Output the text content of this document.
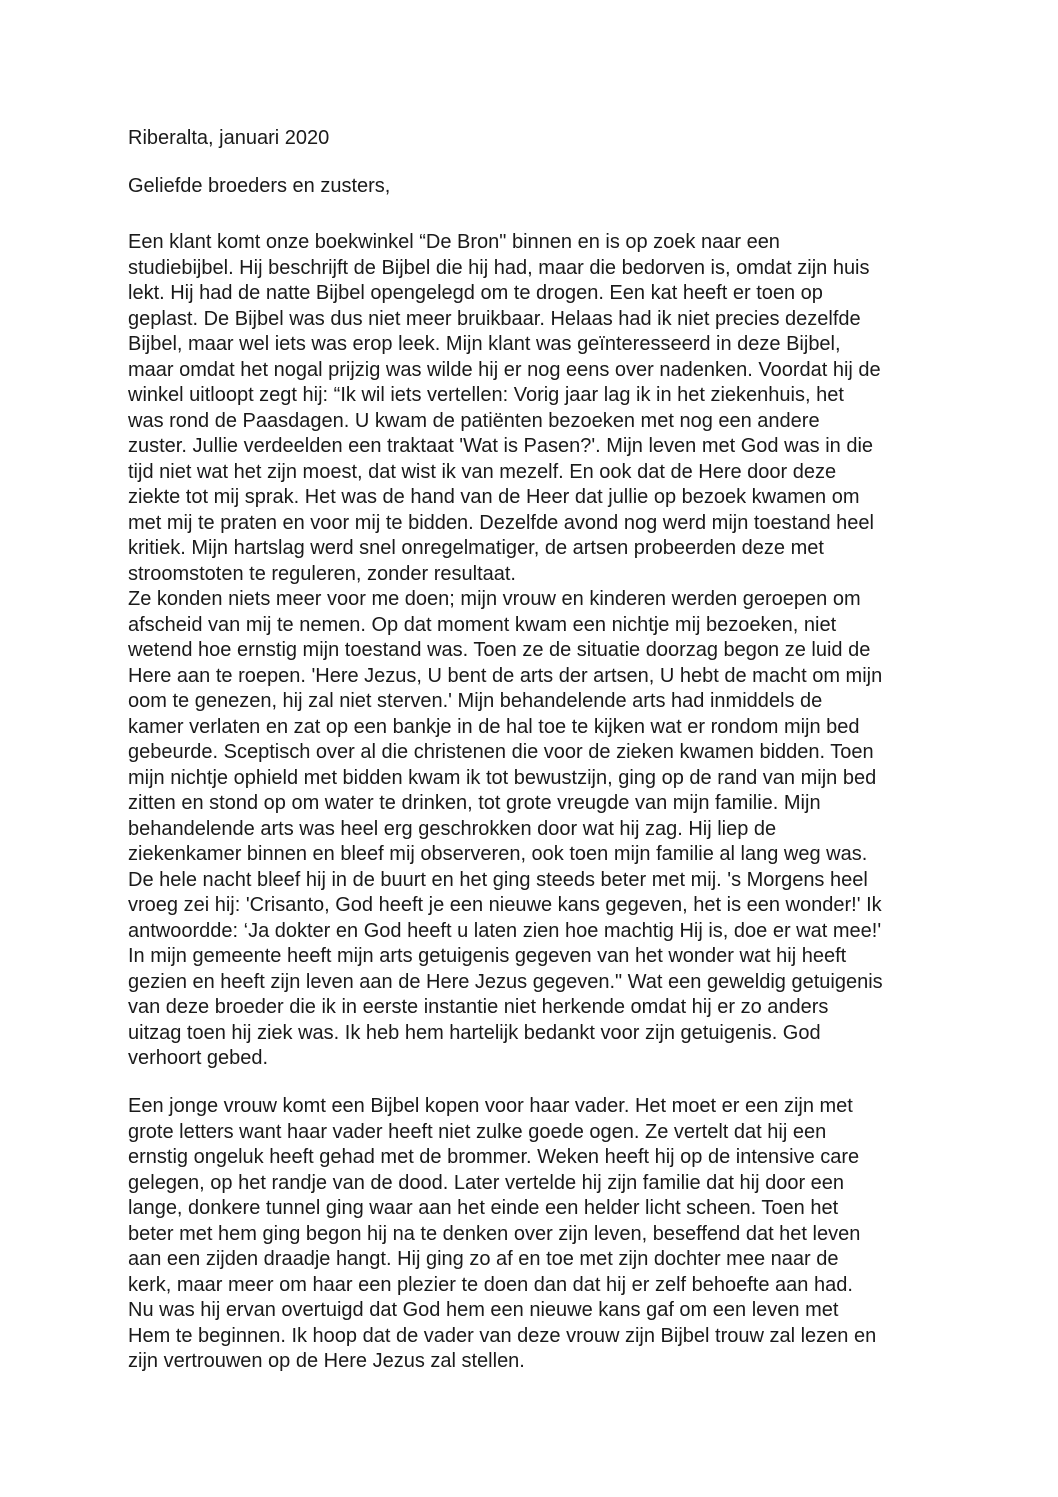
Riberalta, januari 2020

Geliefde broeders en zusters,

Een klant komt onze boekwinkel “De Bron" binnen en is op zoek naar een

studiebijbel. Hij beschrijft de Bijbel die hij had, maar die bedorven is, omdat zijn huis

lekt. Hij had de natte Bijbel opengelegd om te drogen. Een kat heeft er toen op

geplast. De Bijbel was dus niet meer bruikbaar. Helaas had ik niet precies dezelfde

Bijbel, maar wel iets was erop leek. Mijn klant was geïnteresseerd in deze Bijbel,

maar omdat het nogal prijzig was wilde hij er nog eens over nadenken. Voordat hij de

winkel uitloopt zegt hij: “Ik wil iets vertellen: Vorig jaar lag ik in het ziekenhuis, het

was rond de Paasdagen. U kwam de patiënten bezoeken met nog een andere

zuster. Jullie verdeelden een traktaat 'Wat is Pasen?'. Mijn leven met God was in die

tijd niet wat het zijn moest, dat wist ik van mezelf. En ook dat de Here door deze

ziekte tot mij sprak. Het was de hand van de Heer dat jullie op bezoek kwamen om

met mij te praten en voor mij te bidden. Dezelfde avond nog werd mijn toestand heel

kritiek. Mijn hartslag werd snel onregelmatiger, de artsen probeerden deze met

stroomstoten te reguleren, zonder resultaat.

Ze konden niets meer voor me doen; mijn vrouw en kinderen werden geroepen om

afscheid van mij te nemen. Op dat moment kwam een nichtje mij bezoeken, niet

wetend hoe ernstig mijn toestand was. Toen ze de situatie doorzag begon ze luid de

Here aan te roepen. 'Here Jezus, U bent de arts der artsen, U hebt de macht om mijn

oom te genezen, hij zal niet sterven.' Mijn behandelende arts had inmiddels de

kamer verlaten en zat op een bankje in de hal toe te kijken wat er rondom mijn bed

gebeurde. Sceptisch over al die christenen die voor de zieken kwamen bidden. Toen

mijn nichtje ophield met bidden kwam ik tot bewustzijn, ging op de rand van mijn bed

zitten en stond op om water te drinken, tot grote vreugde van mijn familie. Mijn

behandelende arts was heel erg geschrokken door wat hij zag. Hij liep de

ziekenkamer binnen en bleef mij observeren, ook toen mijn familie al lang weg was.

De hele nacht bleef hij in de buurt en het ging steeds beter met mij. 's Morgens heel

vroeg zei hij: 'Crisanto, God heeft je een nieuwe kans gegeven, het is een wonder!' Ik

antwoordde: ‘Ja dokter en God heeft u laten zien hoe machtig Hij is, doe er wat mee!'

In mijn gemeente heeft mijn arts getuigenis gegeven van het wonder wat hij heeft

gezien en heeft zijn leven aan de Here Jezus gegeven." Wat een geweldig getuigenis

van deze broeder die ik in eerste instantie niet herkende omdat hij er zo anders

uitzag toen hij ziek was. Ik heb hem hartelijk bedankt voor zijn getuigenis. God

verhoort gebed.

Een jonge vrouw komt een Bijbel kopen voor haar vader. Het moet er een zijn met

grote letters want haar vader heeft niet zulke goede ogen. Ze vertelt dat hij een

ernstig ongeluk heeft gehad met de brommer. Weken heeft hij op de intensive care

gelegen, op het randje van de dood. Later vertelde hij zijn familie dat hij door een

lange, donkere tunnel ging waar aan het einde een helder licht scheen. Toen het

beter met hem ging begon hij na te denken over zijn leven, beseffend dat het leven

aan een zijden draadje hangt. Hij ging zo af en toe met zijn dochter mee naar de

kerk, maar meer om haar een plezier te doen dan dat hij er zelf behoefte aan had.

Nu was hij ervan overtuigd dat God hem een nieuwe kans gaf om een leven met

Hem te beginnen. Ik hoop dat de vader van deze vrouw zijn Bijbel trouw zal lezen en

zijn vertrouwen op de Here Jezus zal stellen.
